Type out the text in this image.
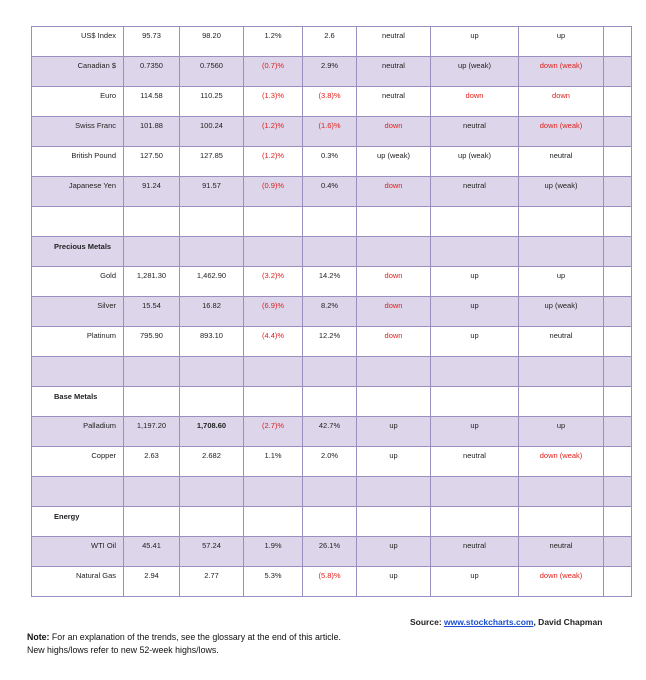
US$ Index	95.73	98.20	1.2%	2.6	neutral	up	up	
Canadian $	0.7350	0.7560	(0.7)%	2.9%	neutral	up (weak)	down (weak)	
Euro	114.58	110.25	(1.3)%	(3.8)%	neutral	down	down	
Swiss Franc	101.88	100.24	(1.2)%	(1.6)%	down	neutral	down (weak)	
British Pound	127.50	127.85	(1.2)%	0.3%	up (weak)	up (weak)	neutral	
Japanese Yen	91.24	91.57	(0.9)%	0.4%	down	neutral	up (weak)	

Precious Metals								
Gold	1,281.30	1,462.90	(3.2)%	14.2%	down	up	up	
Silver	15.54	16.82	(6.9)%	8.2%	down	up	up (weak)	
Platinum	795.90	893.10	(4.4)%	12.2%	down	up	neutral	

Base Metals								
Palladium	1,197.20	1,708.60	(2.7)%	42.7%	up	up	up	
Copper	2.63	2.682	1.1%	2.0%	up	neutral	down (weak)	

Energy								
WTI Oil	45.41	57.24	1.9%	26.1%	up	neutral	neutral	
Natural Gas	2.94	2.77	5.3%	(5.8)%	up	up	down (weak)	
Source: www.stockcharts.com, David Chapman
Note: For an explanation of the trends, see the glossary at the end of this article.
New highs/lows refer to new 52-week highs/lows.
